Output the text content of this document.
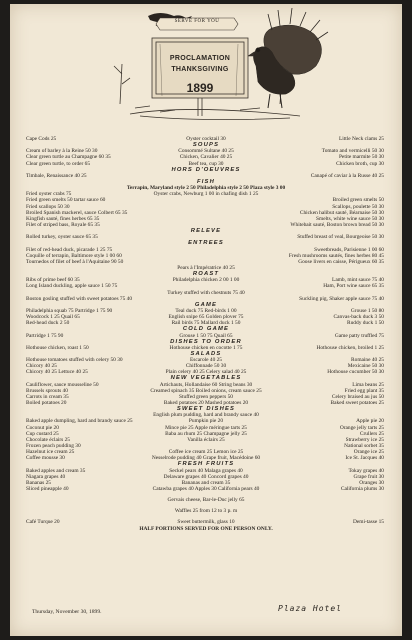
SERVE FOR YOU
PROCLAMATION
THANKSGIVING
1899
Cape Cods 25	Oyster cocktail 30	Little Neck clams 25
SOUPS
Cream of barley à la Reine 50 30	Consommé Sultane 40 25	Tomato and vermicelli 50 30
Clear green turtle au Champagne 60 35	Chicken, Cavalier 40 25	Petite marmite 50 30
Clear green turtle, to order 65	Beef tea, cup 30	Chicken broth, cup 30
HORS D'OEUVRES
Timbale, Renaissance 40 25	Canapé of caviar à la Russe 40 25
FISH
Terrapin, Maryland style 2 50 Philadelphia style 2 50 Plaza style 3 00
Fried oyster crabs 75	Oyster crabs, Newburg 1 00 in chafing dish 1 25
Fried green smelts 50 tartar sauce 60	Broiled green smelts 50
Fried scallops 50 30	Scallops, poulette 50 30
Broiled Spanish mackerel, sauce Colbert 65 35	Chicken halibut sauté, Béarnaise 50 30
Kingfish sauté, fines herbes 65 35	Smelts, white wine sauce 50 30
Filet of striped bass, Royale 65 35	Whitebait sauté, Boston brown bread 50 30
RELEVE
Rolled turkey, oyster sauce 65 35	Stuffed breast of veal, Bourgeoise 50 30
ENTREES
Filet of red-head duck, picarade 1 25 75	Sweetbreads, Parisienne 1 00 60
Coquille of terrapin, Baltimore style 1 00 60	Fresh mushrooms sautés, fines herbes 80 45
Tournedos of filet of beef à l'Aquitaine 90 50	Goose livers en caisse, Périgueux 60 35
Pears à l'Impératrice 40 25
ROAST
Ribs of prime beef 60 35	Philadelphia chicken 2 00 1 00	Lamb, mint sauce 75 40
Long Island duckling, apple sauce 1 50 75	Ham, Port wine sauce 65 35
Turkey stuffed with chestnuts 75 40
Boston gosling stuffed with sweet potatoes 75 40	Suckling pig, Shaker apple sauce 75 40
GAME
Philadelphia squab 75 Partridge 1 75 90	Teal duck 75 Red-birds 1 00	Grouse 1 50 80
Woodcock 1 25 Quail 65	English snipe 65 Golden plover 75	Canvas-back duck 3 50
Red-head duck 2 50	Rail birds 75 Mallard duck 1 50	Ruddy duck 1 50
COLD GAME
Partridge 1 75 90	Grouse 1 50 75 Quail 65	Game patty truffled 75
DISHES TO ORDER
Hothouse chicken, roast 1 50	Hothouse chicken en cocotte 1 75	Hothouse chicken, broiled 1 25
SALADS
Hothouse tomatoes stuffed with celery 50 30	Escarole 40 25	Romaine 40 25
Chicory 40 25	Chiffonnade 50 30	Mexicaine 50 30
Chicory 40 25 Lettuce 40 25	Plain celery 40 25 Celery salad 40 25	Hothouse cucumber 50 30
NEW VEGETABLES
Cauliflower, sauce mousseline 50	Artichauts, Hollandaise 60 String beans 30	Lima beans 25
Brussels sprouts 40	Creamed spinach 35 Boiled onions, cream sauce 25	Fried egg plant 35
Carrots in cream 35	Stuffed green peppers 50	Celery braised au jus 50
Boiled potatoes 20	Baked potatoes 20 Mashed potatoes 20	Baked sweet potatoes 25
SWEET DISHES
English plum pudding, hard and brandy sauce 40
Baked apple dumpling, hard and brandy sauce 25	Pumpkin pie 20	Apple pie 20
Coconut pie 20	Mince pie 25 Apple méringue tarts 25	Orange jelly tarts 25
Cup custard 25	Baba au rhum 25 Champagne jelly 25	Crullers 25
Chocolate éclairs 25	Vanilla éclairs 25	Strawberry ice 25
Frozen peach pudding 30	National sorbet 35
Hazelnut ice cream 25	Coffee ice cream 25 Lemon ice 25	Orange ice 25
Coffee mousse 30	Nesselrode pudding 40 Grape fruit, Macédoine 60	Ice St. Jacques 40
FRESH FRUITS
Baked apples and cream 35	Seckel pears 40 Malaga grapes 40	Tokay grapes 40
Niagara grapes 40	Delaware grapes 40 Concord grapes 40	Grape fruit 30
Bananas 25	Bananas and cream 35	Oranges 30
Sliced pineapple 40	Catawba grapes 40 Apples 30 California pears 40	California plums 30
Gervais cheese, Bar-le-Duc jelly 65
Waffles 25 from 12 to 3 p. m
Café Turque 20	Sweet buttermilk, glass 10	Demi-tasse 15
HALF PORTIONS SERVED FOR ONE PERSON ONLY.
Thursday, November 30, 1899.	Plaza Hotel
